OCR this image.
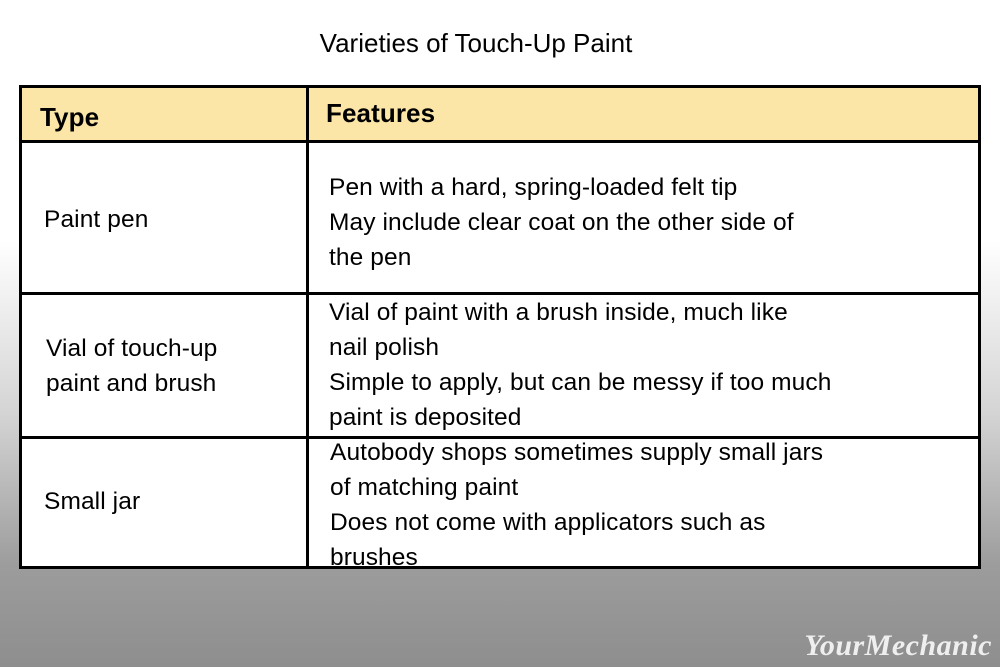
Varieties of Touch-Up Paint
Type	Features
Paint pen
Pen with a hard, spring-loaded felt tip
May include clear coat on the other side of
the pen
Vial of touch-up
paint and brush
Vial of paint with a brush inside, much like
nail polish
Simple to apply, but can be messy if too much
paint is deposited
Small jar
Autobody shops sometimes supply small jars
of matching paint
Does not come with applicators such as
brushes
YourMechanic
